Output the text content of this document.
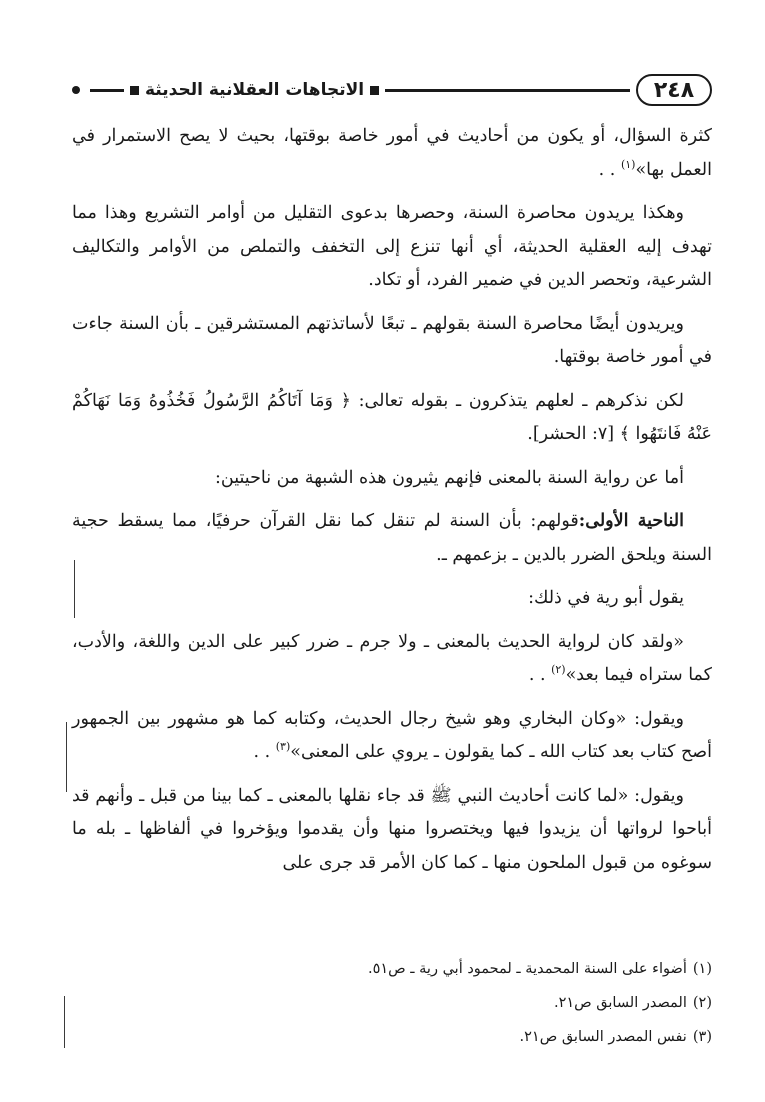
٢٤٨
الاتجاهات العقلانية الحديثة

كثرة السؤال، أو يكون من أحاديث في أمور خاصة بوقتها، بحيث لا يصح الاستمرار في العمل بها»$^{(١)}$ . .

وهكذا يريدون محاصرة السنة، وحصرها بدعوى التقليل من أوامر التشريع وهذا مما تهدف إليه العقلية الحديثة، أي أنها تنزع إلى التخفف والتملص من الأوامر والتكاليف الشرعية، وتحصر الدين في ضمير الفرد، أو تكاد.

ويريدون أيضًا محاصرة السنة بقولهم ـ تبعًا لأساتذتهم المستشرقين ـ بأن السنة جاءت في أمور خاصة بوقتها.

لكن نذكرهم ـ لعلهم يتذكرون ـ بقوله تعالى: ﴿ وَمَا آتَاكُمُ الرَّسُولُ فَخُذُوهُ وَمَا نَهَاكُمْ عَنْهُ فَانتَهُوا ﴾ [٧: الحشر].

أما عن رواية السنة بالمعنى فإنهم يثيرون هذه الشبهة من ناحيتين:

الناحية الأولى:قولهم: بأن السنة لم تنقل كما نقل القرآن حرفيًا، مما يسقط حجية السنة ويلحق الضرر بالدين ـ بزعمهم ـ.

يقول أبو رية في ذلك:

«ولقد كان لرواية الحديث بالمعنى ـ ولا جرم ـ ضرر كبير على الدين واللغة، والأدب، كما ستراه فيما بعد»$^{(٢)}$ . .

ويقول: «وكان البخاري وهو شيخ رجال الحديث، وكتابه كما هو مشهور بين الجمهور أصح كتاب بعد كتاب الله ـ كما يقولون ـ يروي على المعنى»$^{(٣)}$ . .

ويقول: «لما كانت أحاديث النبي ﷺ قد جاء نقلها بالمعنى ـ كما بينا من قبل ـ وأنهم قد أباحوا لرواتها أن يزيدوا فيها ويختصروا منها وأن يقدموا ويؤخروا في ألفاظها ـ بله ما سوغوه من قبول الملحون منها ـ كما كان الأمر قد جرى على

(١)أضواء على السنة المحمدية ـ لمحمود أبي رية ـ ص٥١.
(٢)المصدر السابق ص٢١.
(٣)نفس المصدر السابق ص٢١.
